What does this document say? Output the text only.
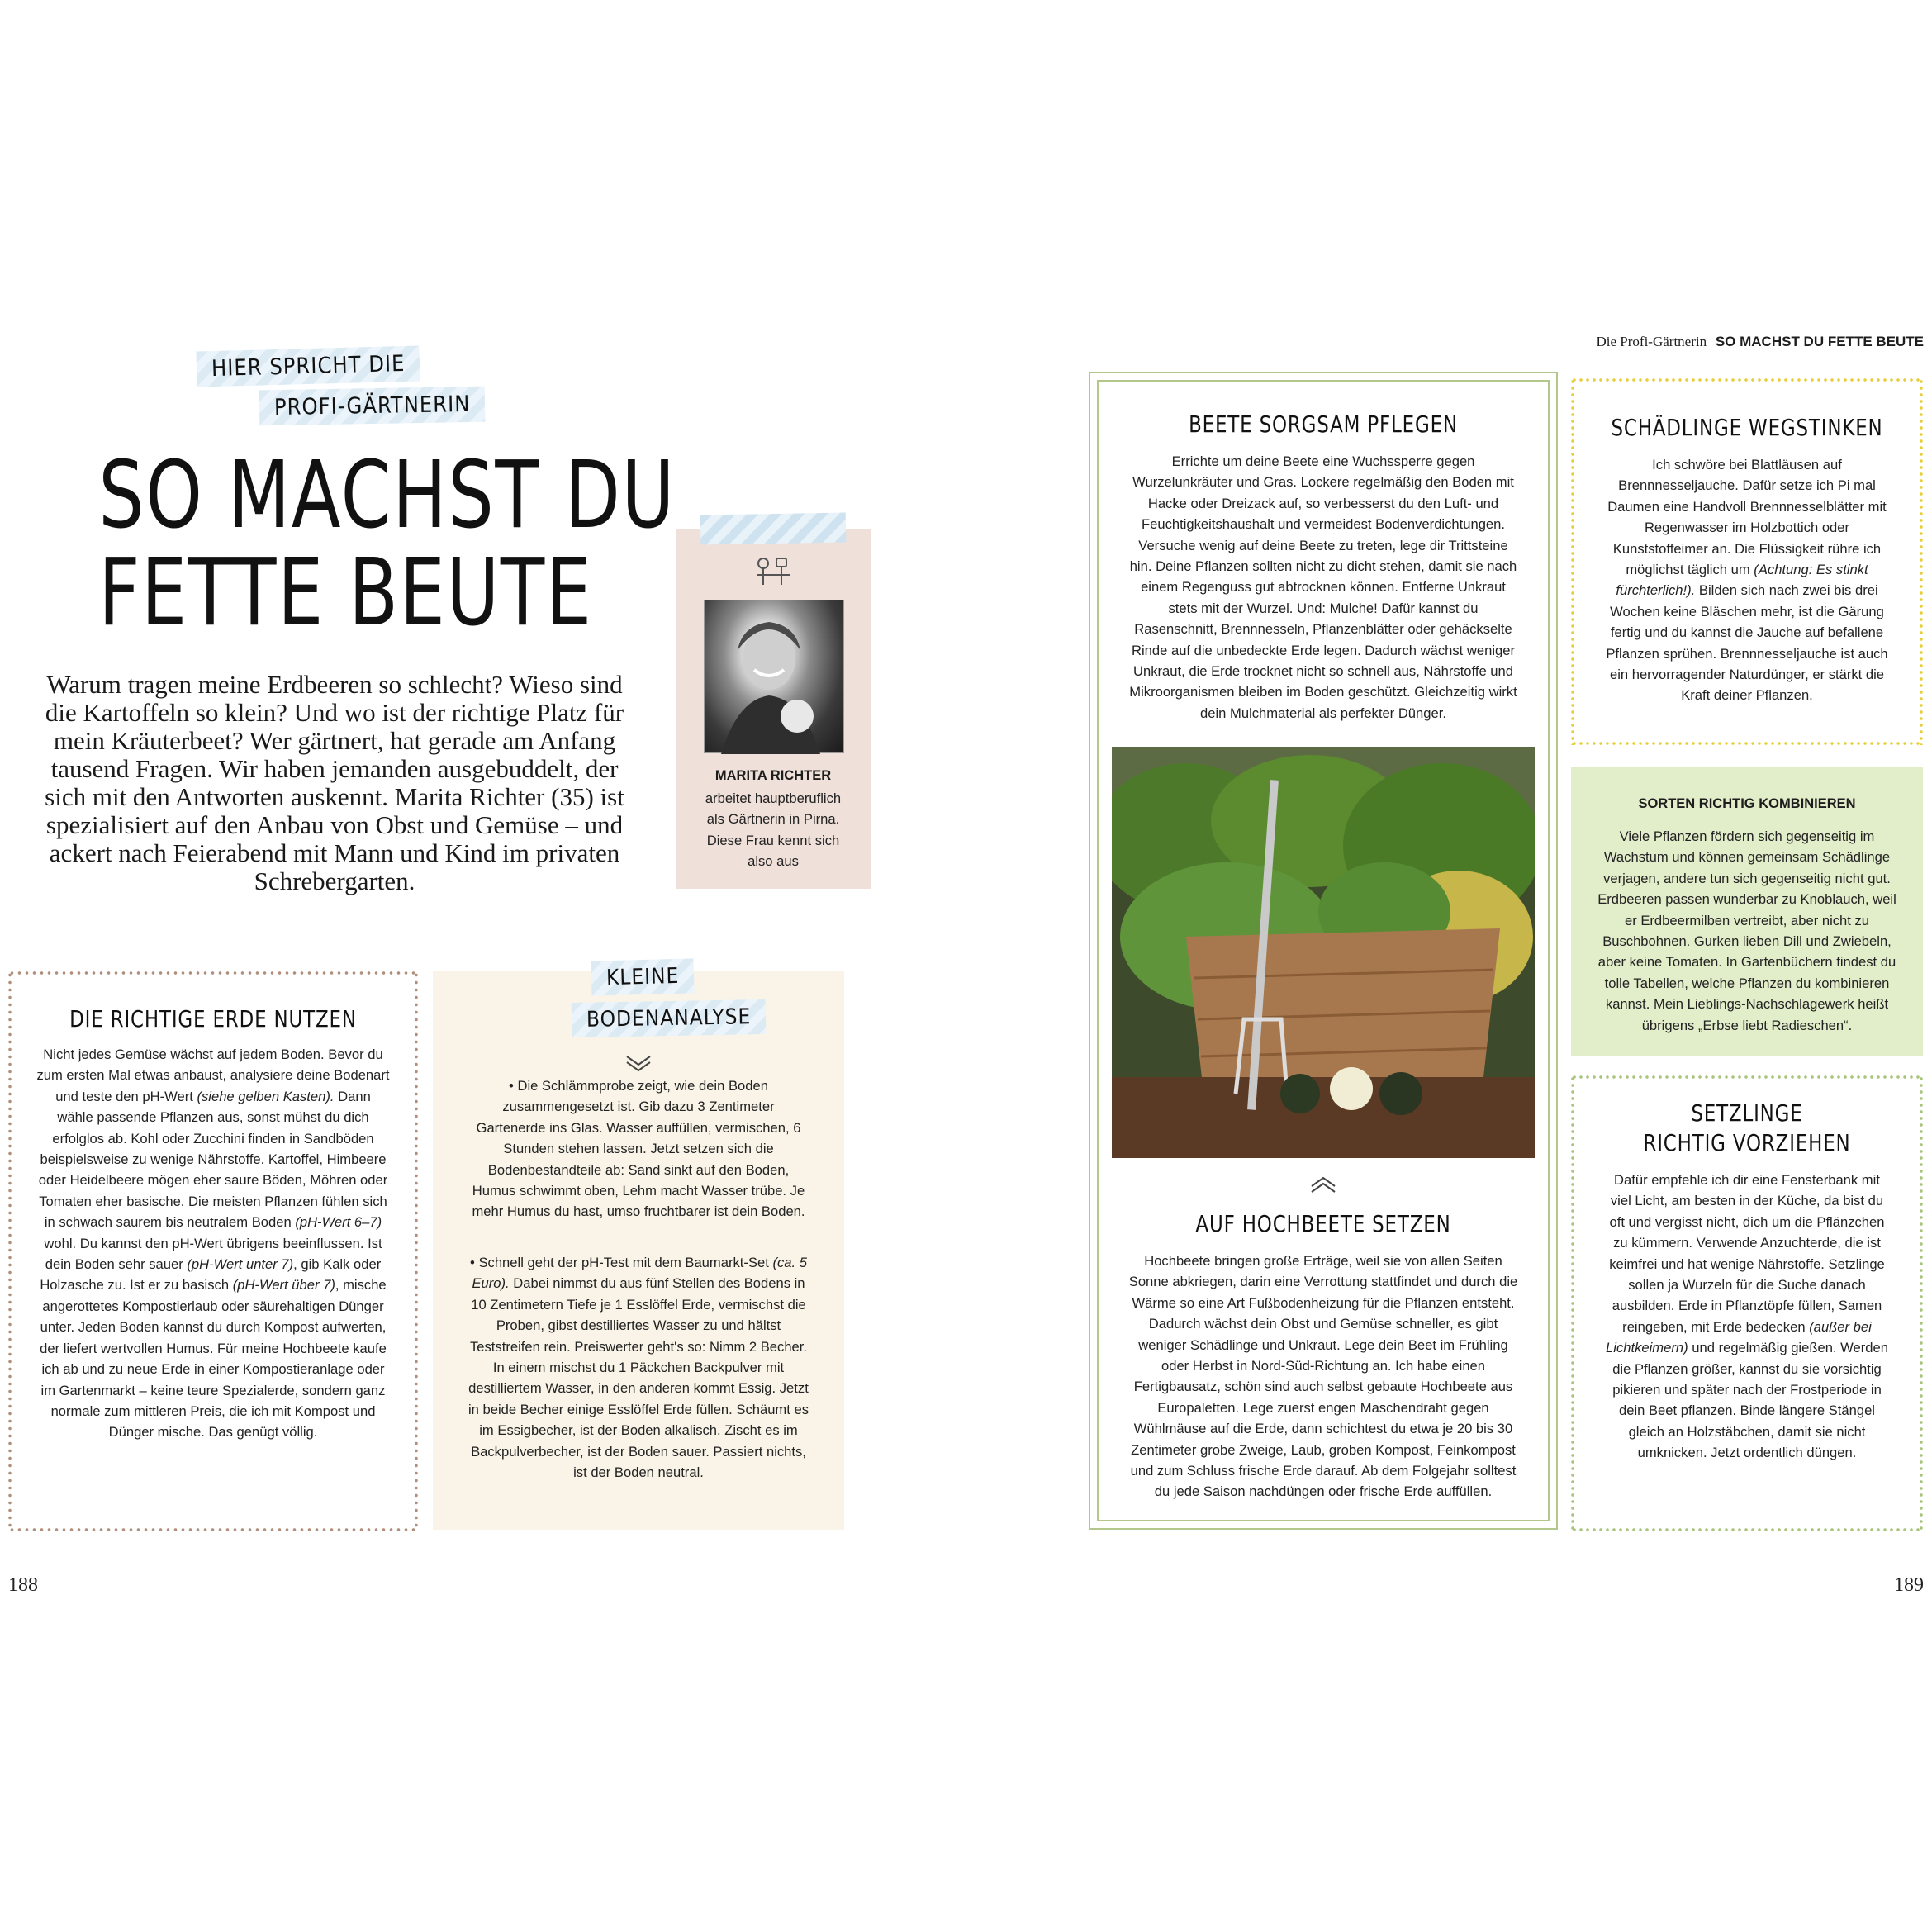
HIER SPRICHT DIE
PROFI-GÄRTNERIN
SO MACHST DU
FETTE BEUTE

Warum tragen meine Erdbeeren so schlecht? Wieso sind die Kartoffeln so klein? Und wo ist der richtige Platz für mein Kräuterbeet? Wer gärtnert, hat gerade am Anfang tausend Fragen. Wir haben jemanden ausgebuddelt, der sich mit den Antworten auskennt. Marita Richter (35) ist spezialisiert auf den Anbau von Obst und Gemüse – und ackert nach Feierabend mit Mann und Kind im privaten Schrebergarten.

MARITA RICHTER
arbeitet hauptberuflich als Gärtnerin in Pirna. Diese Frau kennt sich also aus
DIE RICHTIGE ERDE NUTZEN

Nicht jedes Gemüse wächst auf jedem Boden. Bevor du zum ersten Mal etwas anbaust, analysiere deine Bodenart und teste den pH-Wert (siehe gelben Kasten). Dann wähle passende Pflanzen aus, sonst mühst du dich erfolglos ab. Kohl oder Zucchini finden in Sandböden beispielsweise zu wenige Nährstoffe. Kartoffel, Himbeere oder Heidelbeere mögen eher saure Böden, Möhren oder Tomaten eher basische. Die meisten Pflanzen fühlen sich in schwach saurem bis neutralem Boden (pH-Wert 6–7) wohl. Du kannst den pH-Wert übrigens beeinflussen. Ist dein Boden sehr sauer (pH-Wert unter 7), gib Kalk oder Holzasche zu. Ist er zu basisch (pH-Wert über 7), mische angerottetes Kompostierlaub oder säurehaltigen Dünger unter. Jeden Boden kannst du durch Kompost aufwerten, der liefert wertvollen Humus. Für meine Hochbeete kaufe ich ab und zu neue Erde in einer Kompostieranlage oder im Gartenmarkt – keine teure Spezialerde, sondern ganz normale zum mittleren Preis, die ich mit Kompost und Dünger mische. Das genügt völlig.

KLEINE
BODENANALYSE

• Die Schlämmprobe zeigt, wie dein Boden zusammengesetzt ist. Gib dazu 3 Zentimeter Gartenerde ins Glas. Wasser auffüllen, vermischen, 6 Stunden stehen lassen. Jetzt setzen sich die Bodenbestandteile ab: Sand sinkt auf den Boden, Humus schwimmt oben, Lehm macht Wasser trübe. Je mehr Humus du hast, umso fruchtbarer ist dein Boden.

• Schnell geht der pH-Test mit dem Baumarkt-Set (ca. 5 Euro). Dabei nimmst du aus fünf Stellen des Bodens in 10 Zentimetern Tiefe je 1 Esslöffel Erde, vermischst die Proben, gibst destilliertes Wasser zu und hältst Teststreifen rein. Preiswerter geht's so: Nimm 2 Becher. In einem mischst du 1 Päckchen Backpulver mit destilliertem Wasser, in den anderen kommt Essig. Jetzt in beide Becher einige Esslöffel Erde füllen. Schäumt es im Essigbecher, ist der Boden alkalisch. Zischt es im Backpulverbecher, ist der Boden sauer. Passiert nichts, ist der Boden neutral.

188
Die Profi-Gärtnerin SO MACHST DU FETTE BEUTE
BEETE SORGSAM PFLEGEN

Errichte um deine Beete eine Wuchssperre gegen Wurzelunkräuter und Gras. Lockere regelmäßig den Boden mit Hacke oder Dreizack auf, so verbesserst du den Luft- und Feuchtigkeitshaushalt und vermeidest Bodenverdichtungen. Versuche wenig auf deine Beete zu treten, lege dir Trittsteine hin. Deine Pflanzen sollten nicht zu dicht stehen, damit sie nach einem Regenguss gut abtrocknen können. Entferne Unkraut stets mit der Wurzel. Und: Mulche! Dafür kannst du Rasenschnitt, Brennnesseln, Pflanzenblätter oder gehäckselte Rinde auf die unbedeckte Erde legen. Dadurch wächst weniger Unkraut, die Erde trocknet nicht so schnell aus, Nährstoffe und Mikroorganismen bleiben im Boden geschützt. Gleichzeitig wirkt dein Mulchmaterial als perfekter Dünger.

AUF HOCHBEETE SETZEN

Hochbeete bringen große Erträge, weil sie von allen Seiten Sonne abkriegen, darin eine Verrottung stattfindet und durch die Wärme so eine Art Fußbodenheizung für die Pflanzen entsteht. Dadurch wächst dein Obst und Gemüse schneller, es gibt weniger Schädlinge und Unkraut. Lege dein Beet im Frühling oder Herbst in Nord-Süd-Richtung an. Ich habe einen Fertigbausatz, schön sind auch selbst gebaute Hochbeete aus Europaletten. Lege zuerst engen Maschendraht gegen Wühlmäuse auf die Erde, dann schichtest du etwa je 20 bis 30 Zentimeter grobe Zweige, Laub, groben Kompost, Feinkompost und zum Schluss frische Erde darauf. Ab dem Folgejahr solltest du jede Saison nachdüngen oder frische Erde auffüllen.

SCHÄDLINGE WEGSTINKEN

Ich schwöre bei Blattläusen auf Brennnesseljauche. Dafür setze ich Pi mal Daumen eine Handvoll Brennnesselblätter mit Regenwasser im Holzbottich oder Kunststoffeimer an. Die Flüssigkeit rühre ich möglichst täglich um (Achtung: Es stinkt fürchterlich!). Bilden sich nach zwei bis drei Wochen keine Bläschen mehr, ist die Gärung fertig und du kannst die Jauche auf befallene Pflanzen sprühen. Brennnesseljauche ist auch ein hervorragender Naturdünger, er stärkt die Kraft deiner Pflanzen.

SORTEN RICHTIG KOMBINIEREN

Viele Pflanzen fördern sich gegenseitig im Wachstum und können gemeinsam Schädlinge verjagen, andere tun sich gegenseitig nicht gut. Erdbeeren passen wunderbar zu Knoblauch, weil er Erdbeermilben vertreibt, aber nicht zu Buschbohnen. Gurken lieben Dill und Zwiebeln, aber keine Tomaten. In Gartenbüchern findest du tolle Tabellen, welche Pflanzen du kombinieren kannst. Mein Lieblings-Nachschlagewerk heißt übrigens „Erbse liebt Radieschen“.

SETZLINGE
RICHTIG VORZIEHEN

Dafür empfehle ich dir eine Fensterbank mit viel Licht, am besten in der Küche, da bist du oft und vergisst nicht, dich um die Pflänzchen zu kümmern. Verwende Anzuchterde, die ist keimfrei und hat wenige Nährstoffe. Setzlinge sollen ja Wurzeln für die Suche danach ausbilden. Erde in Pflanztöpfe füllen, Samen reingeben, mit Erde bedecken (außer bei Lichtkeimern) und regelmäßig gießen. Werden die Pflanzen größer, kannst du sie vorsichtig pikieren und später nach der Frostperiode in dein Beet pflanzen. Binde längere Stängel gleich an Holzstäbchen, damit sie nicht umknicken. Jetzt ordentlich düngen.

189
